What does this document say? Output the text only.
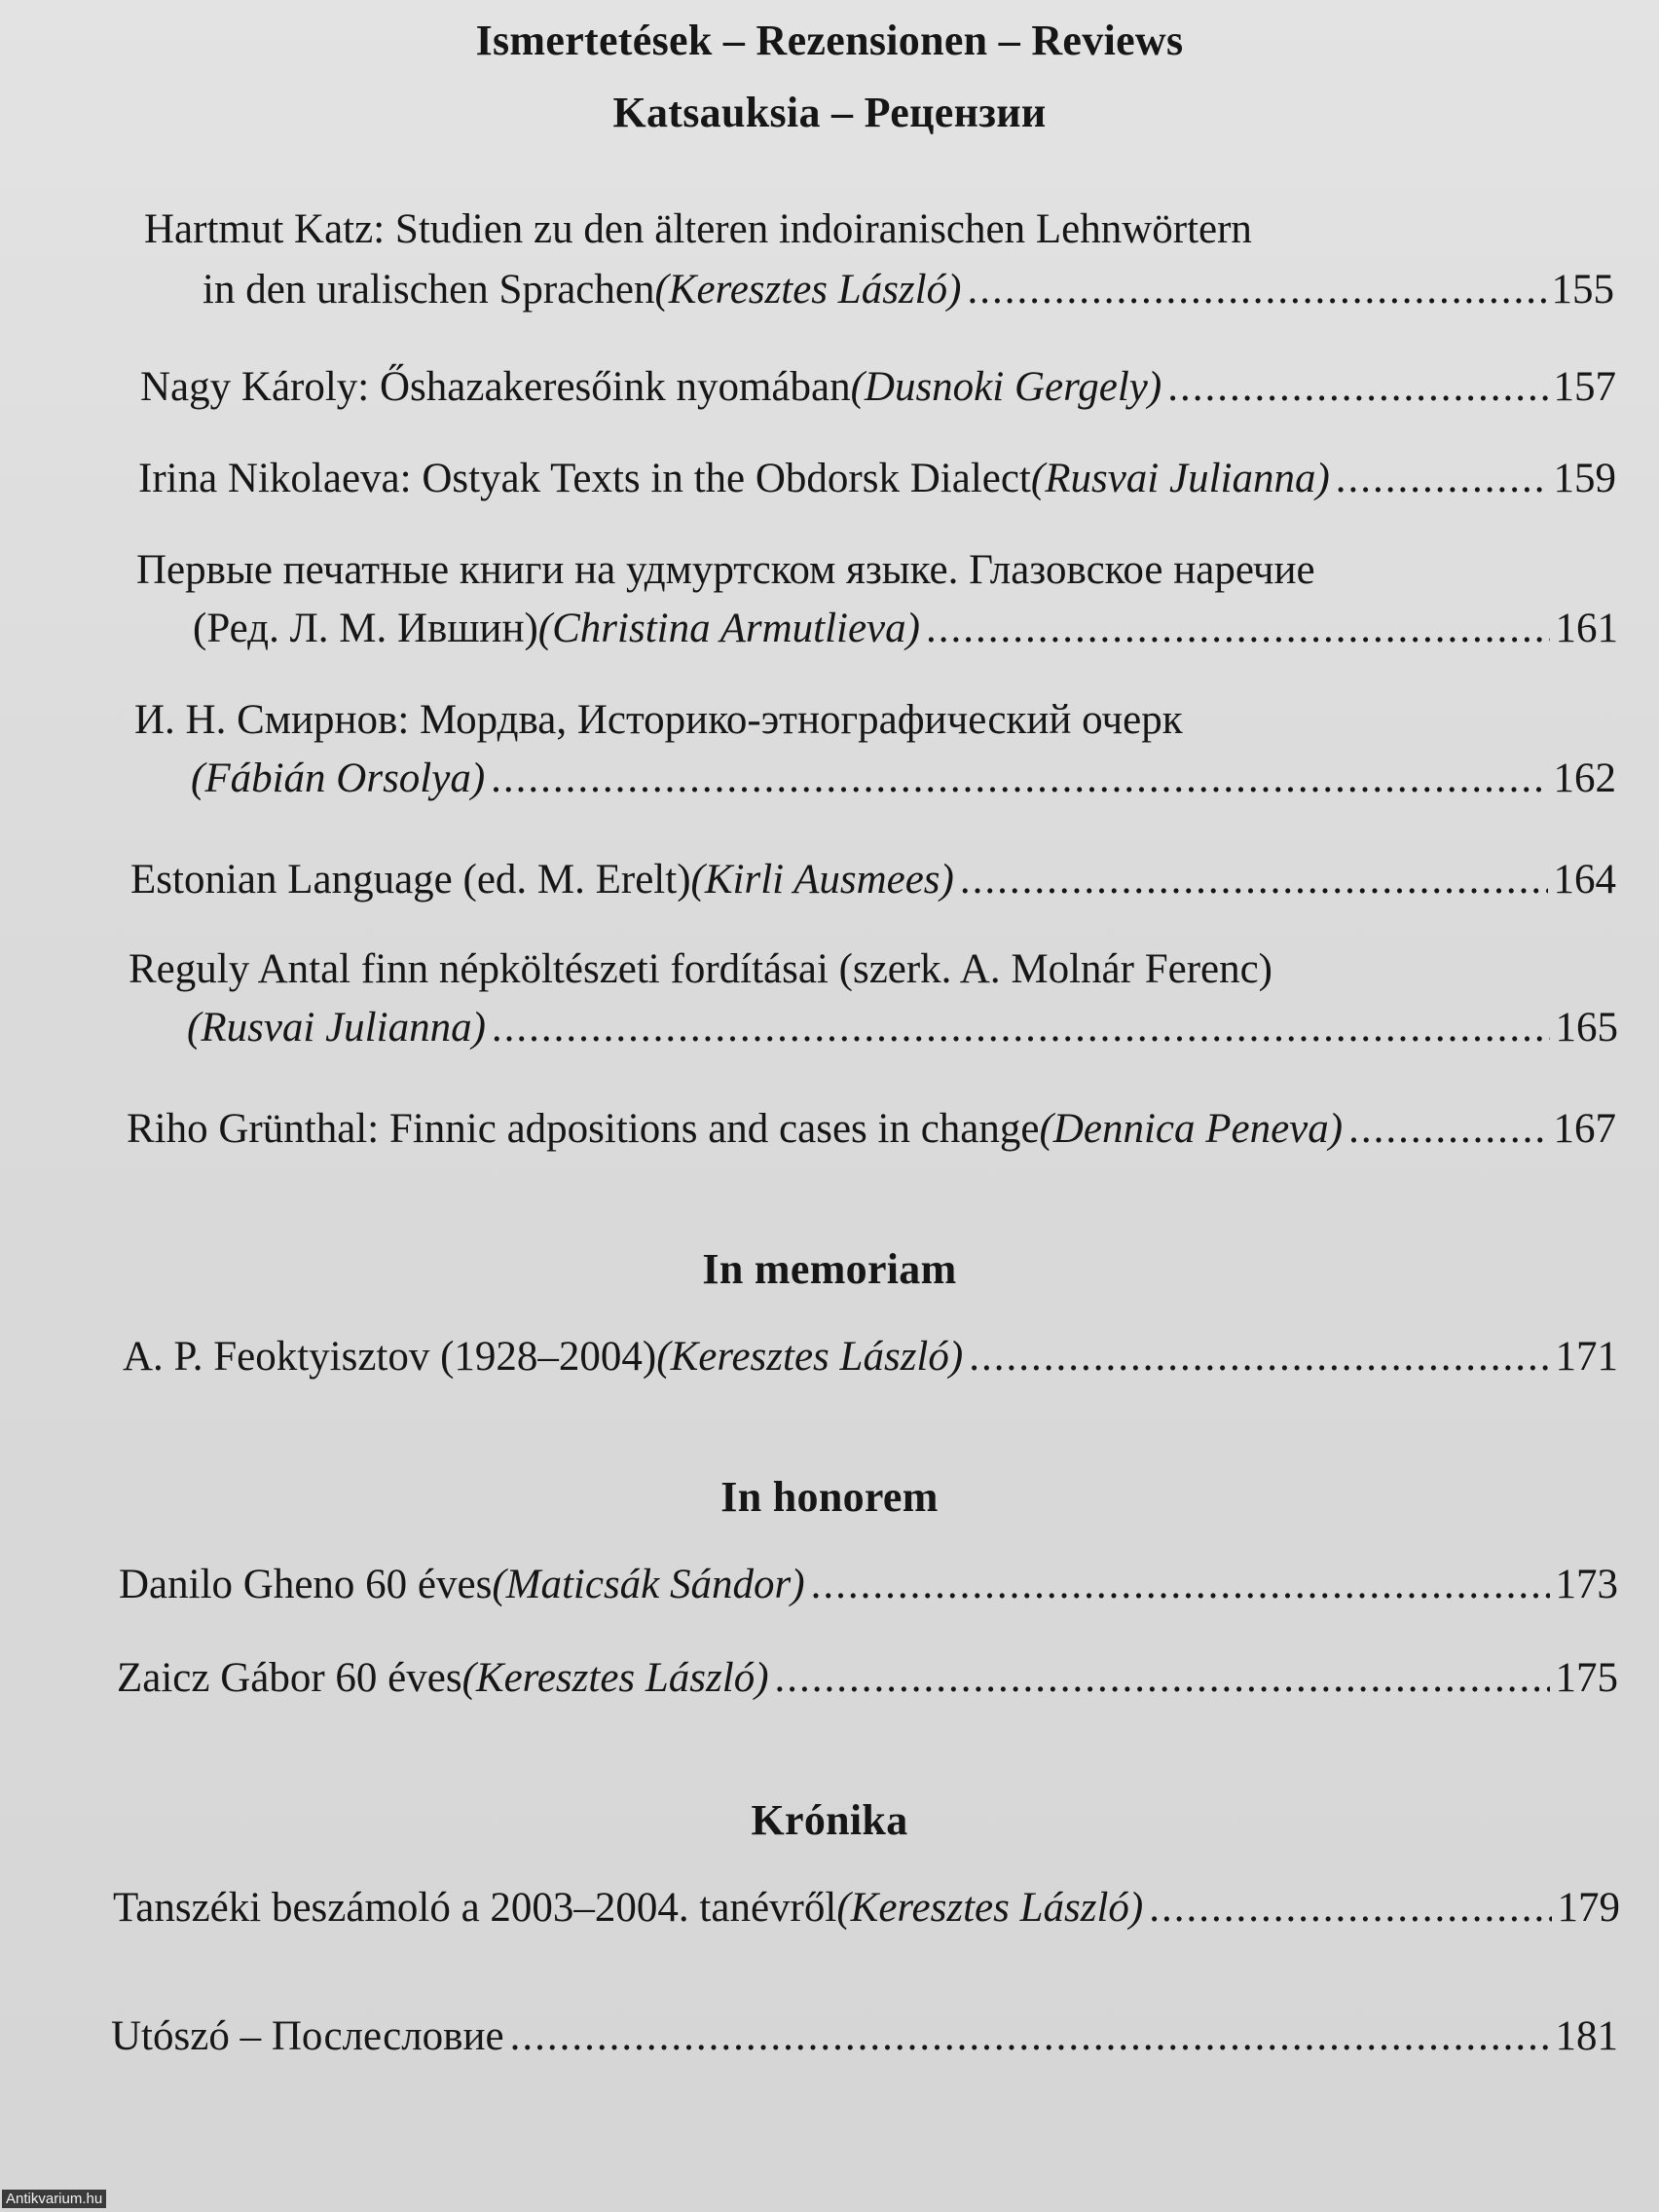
Ismertetések – Rezensionen – Reviews
Katsauksia – Рецензии
Hartmut Katz: Studien zu den älteren indoiranischen Lehnwörtern
in den uralischen Sprachen (Keresztes László) .....	155
Nagy Károly: Őshazakeresőink nyomában (Dusnoki Gergely) .....	157
Irina Nikolaeva: Ostyak Texts in the Obdorsk Dialect (Rusvai Julianna) .....	159
Первые печатные книги на удмуртском языке. Глазовское наречие
(Ред. Л. М. Ившин) (Christina Armutlieva) .....	161
И. Н. Смирнов: Мордва, Историко-этнографический очерк
(Fábián Orsolya) .....	162
Estonian Language (ed. M. Erelt) (Kirli Ausmees) .....	164
Reguly Antal finn népköltészeti fordításai (szerk. A. Molnár Ferenc)
(Rusvai Julianna) .....	165
Riho Grünthal: Finnic adpositions and cases in change (Dennica Peneva) .....	167
In memoriam
A. P. Feoktyisztov (1928–2004) (Keresztes László) .....	171
In honorem
Danilo Gheno 60 éves (Maticsák Sándor) .....	173
Zaicz Gábor 60 éves (Keresztes László) .....	175
Krónika
Tanszéki beszámoló a 2003–2004. tanévről (Keresztes László) .....	179
Utószó – Послесловие .....	181
Antikvarium.hu
